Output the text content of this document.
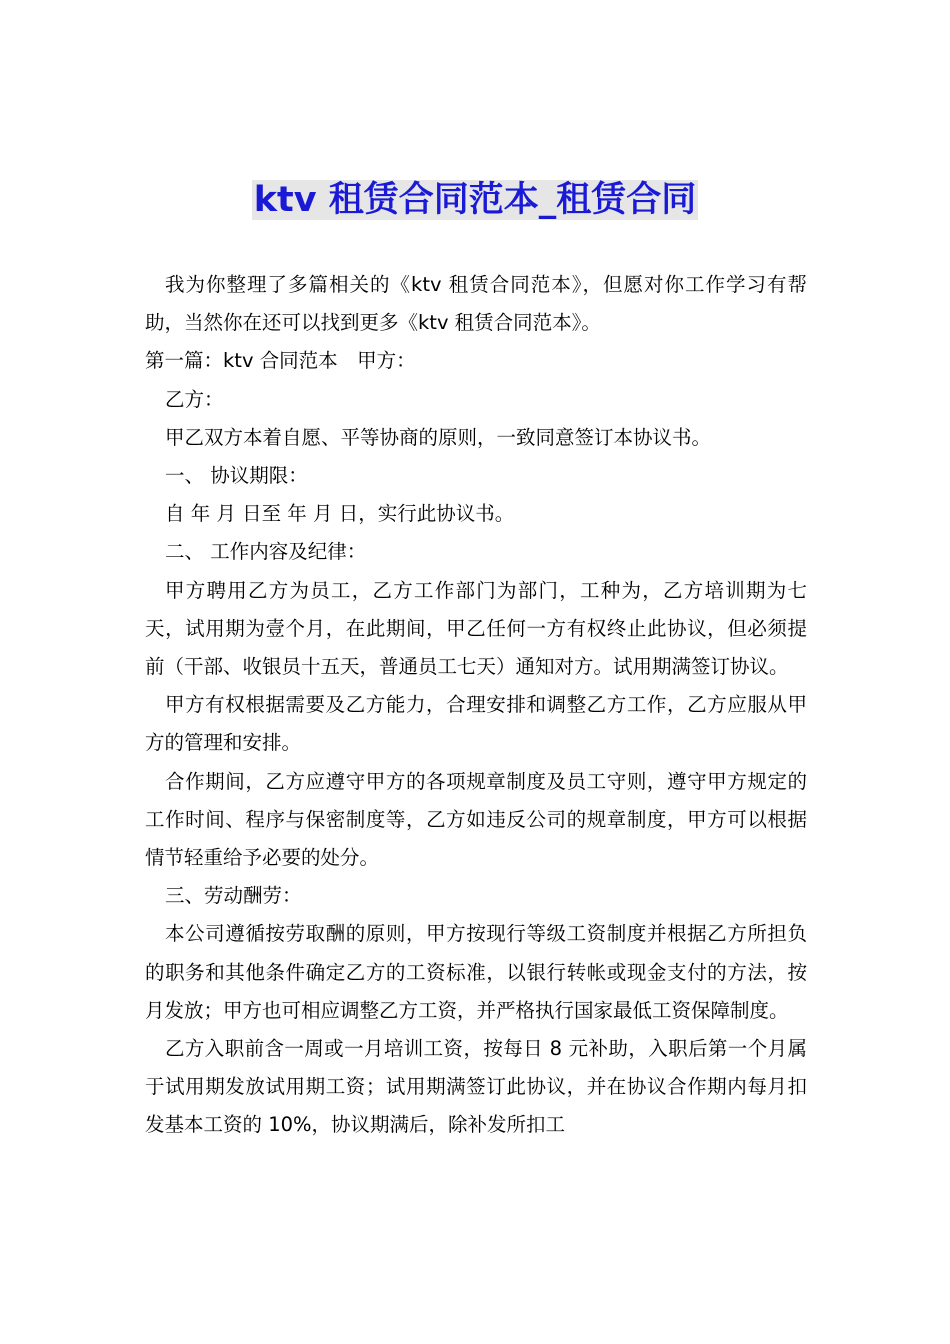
ktv 租赁合同范本_租赁合同

我为你整理了多篇相关的《ktv 租赁合同范本》，但愿对你工作学习有帮助，当然你在还可以找到更多《ktv 租赁合同范本》。

第一篇：ktv 合同范本　甲方：

乙方：

甲乙双方本着自愿、平等协商的原则，一致同意签订本协议书。

一、 协议期限：

自 年 月 日至 年 月 日，实行此协议书。

二、 工作内容及纪律：

甲方聘用乙方为员工，乙方工作部门为部门，工种为，乙方培训期为七天，试用期为壹个月，在此期间，甲乙任何一方有权终止此协议，但必须提前（干部、收银员十五天，普通员工七天）通知对方。试用期满签订协议。

甲方有权根据需要及乙方能力，合理安排和调整乙方工作，乙方应服从甲方的管理和安排。

合作期间，乙方应遵守甲方的各项规章制度及员工守则，遵守甲方规定的工作时间、程序与保密制度等，乙方如违反公司的规章制度，甲方可以根据情节轻重给予必要的处分。

三、劳动酬劳：

本公司遵循按劳取酬的原则，甲方按现行等级工资制度并根据乙方所担负的职务和其他条件确定乙方的工资标准，以银行转帐或现金支付的方法，按月发放；甲方也可相应调整乙方工资，并严格执行国家最低工资保障制度。

乙方入职前含一周或一月培训工资，按每日 8 元补助，入职后第一个月属于试用期发放试用期工资；试用期满签订此协议，并在协议合作期内每月扣发基本工资的 10%，协议期满后，除补发所扣工
